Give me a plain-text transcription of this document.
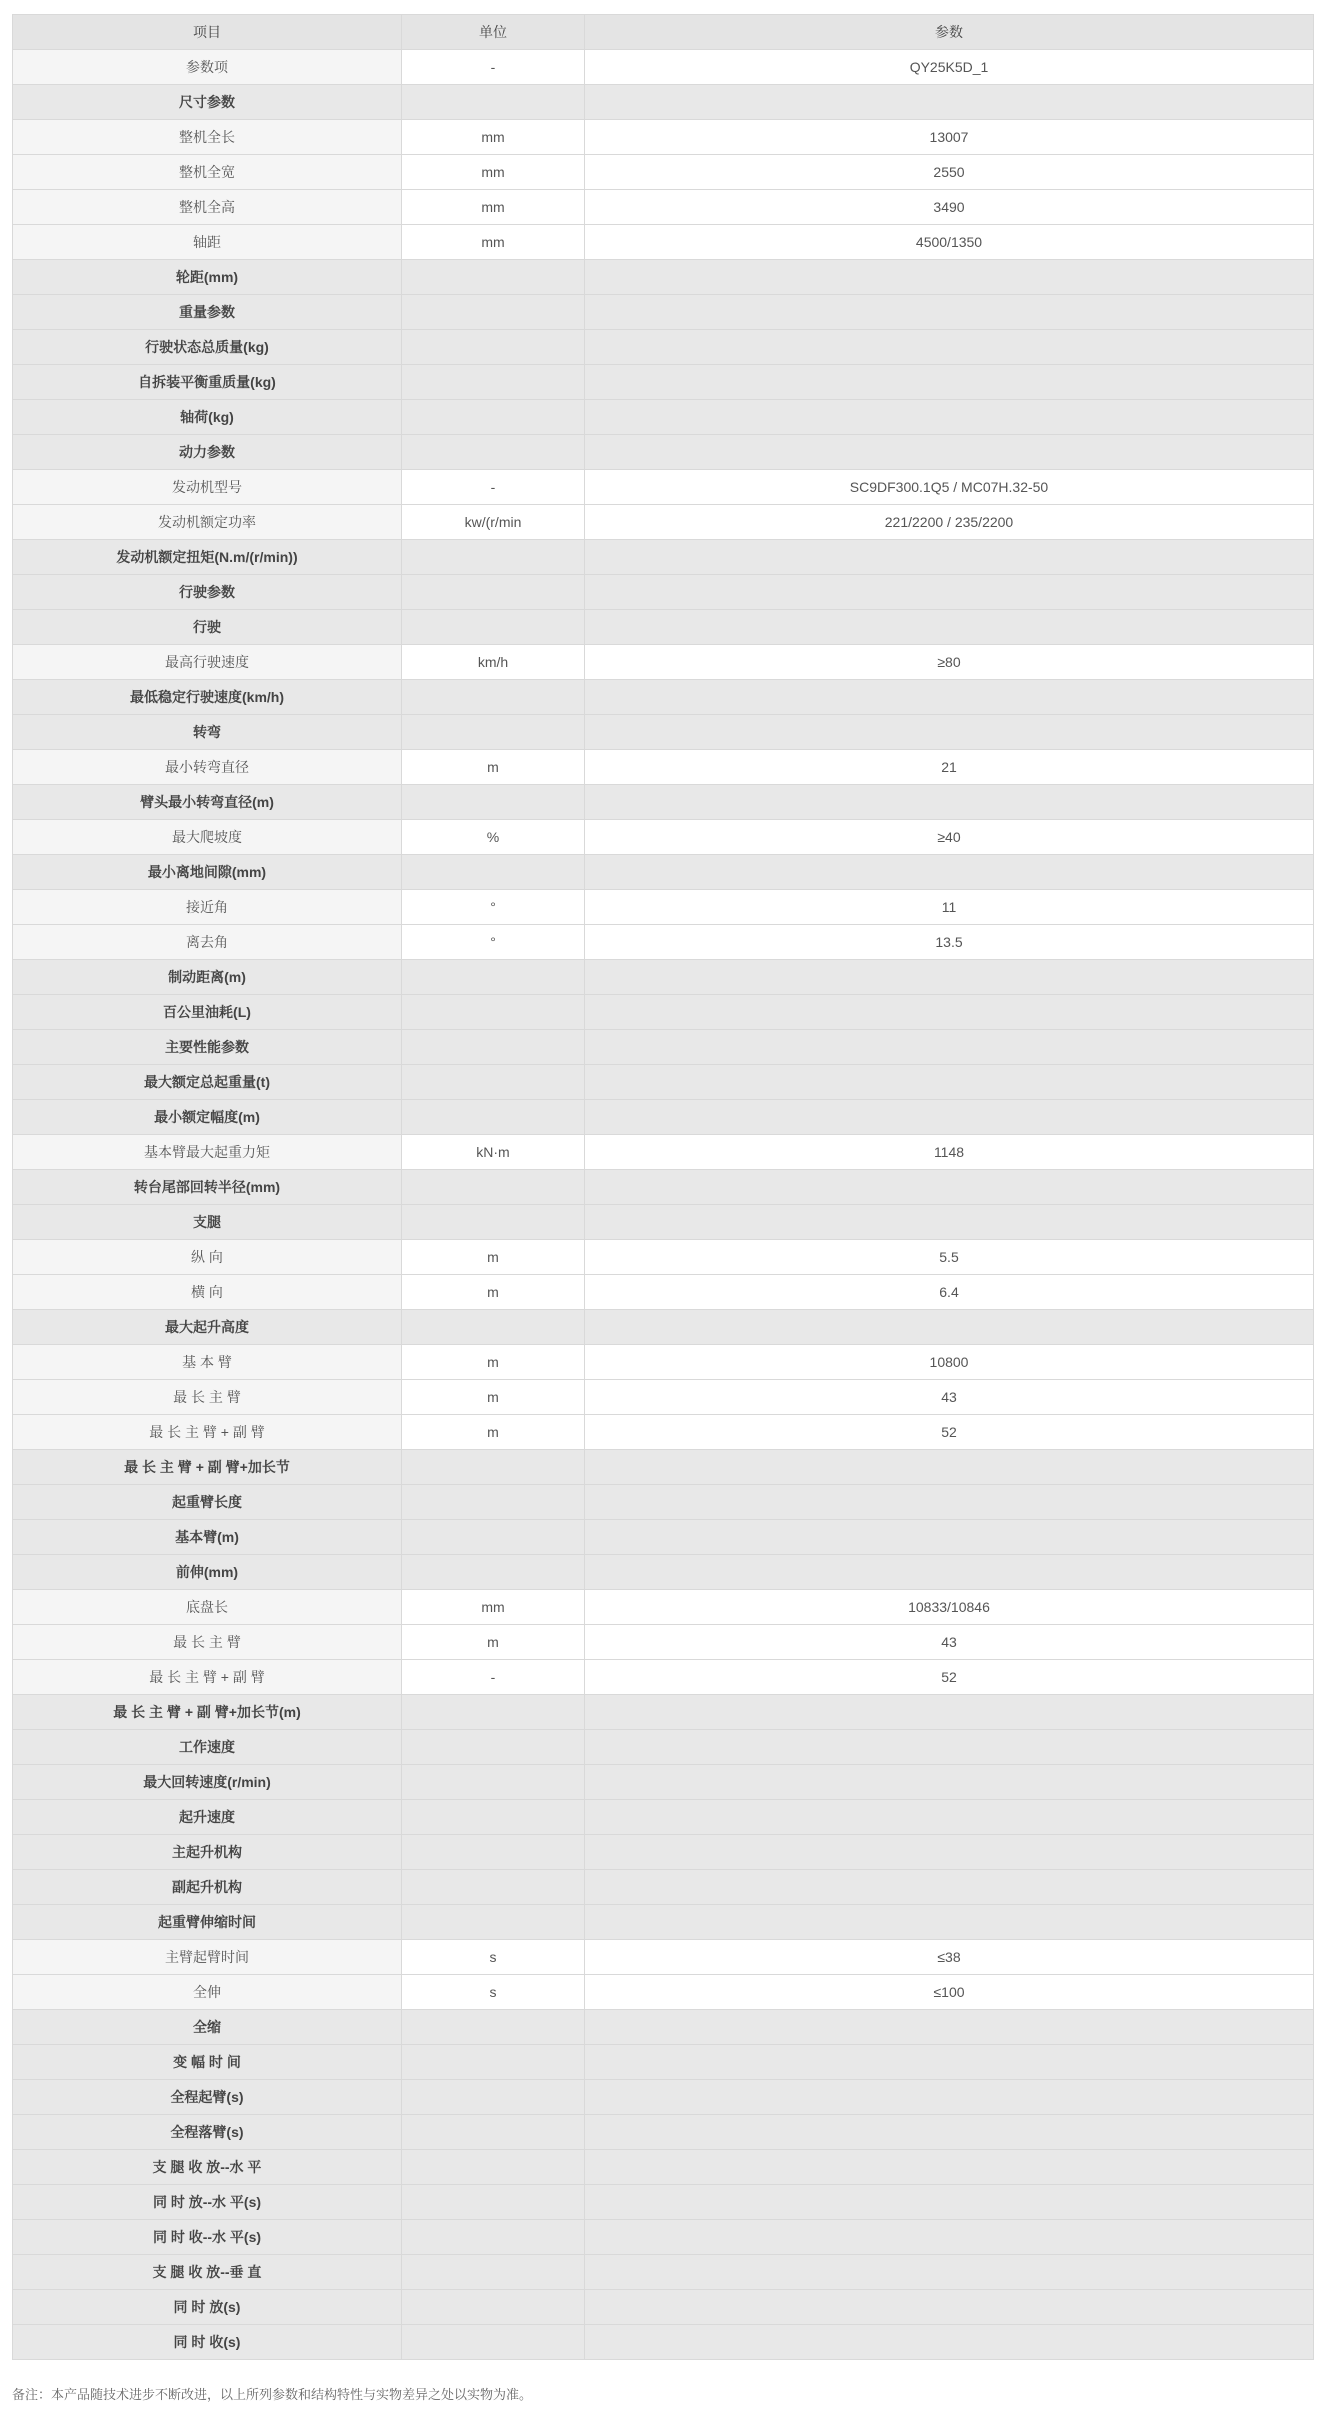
项目	单位	参数
参数项	-	QY25K5D_1
尺寸参数		
整机全长	mm	13007
整机全宽	mm	2550
整机全高	mm	3490
轴距	mm	4500/1350
轮距(mm)		
重量参数		
行驶状态总质量(kg)		
自拆装平衡重质量(kg)		
轴荷(kg)		
动力参数		
发动机型号	-	SC9DF300.1Q5 / MC07H.32-50
发动机额定功率	kw/(r/min	221/2200 / 235/2200
发动机额定扭矩(N.m/(r/min))		
行驶参数		
行驶		
最高行驶速度	km/h	≥80
最低稳定行驶速度(km/h)		
转弯		
最小转弯直径	m	21
臂头最小转弯直径(m)		
最大爬坡度	%	≥40
最小离地间隙(mm)		
接近角	°	11
离去角	°	13.5
制动距离(m)		
百公里油耗(L)		
主要性能参数		
最大额定总起重量(t)		
最小额定幅度(m)		
基本臂最大起重力矩	kN·m	1148
转台尾部回转半径(mm)		
支腿		
纵 向	m	5.5
横 向	m	6.4
最大起升高度		
基 本 臂	m	10800
最 长 主 臂	m	43
最 长 主 臂 + 副 臂	m	52
最 长 主 臂 + 副 臂+加长节		
起重臂长度		
基本臂(m)		
前伸(mm)		
底盘长	mm	10833/10846
最 长 主 臂	m	43
最 长 主 臂 + 副 臂	-	52
最 长 主 臂 + 副 臂+加长节(m)		
工作速度		
最大回转速度(r/min)		
起升速度		
主起升机构		
副起升机构		
起重臂伸缩时间		
主臂起臂时间	s	≤38
全伸	s	≤100
全缩		
变 幅 时 间		
全程起臂(s)		
全程落臂(s)		
支 腿 收 放--水 平		
同 时 放--水 平(s)		
同 时 收--水 平(s)		
支 腿 收 放--垂 直		
同 时 放(s)		
同 时 收(s)		
备注：本产品随技术进步不断改进，以上所列参数和结构特性与实物差异之处以实物为准。
